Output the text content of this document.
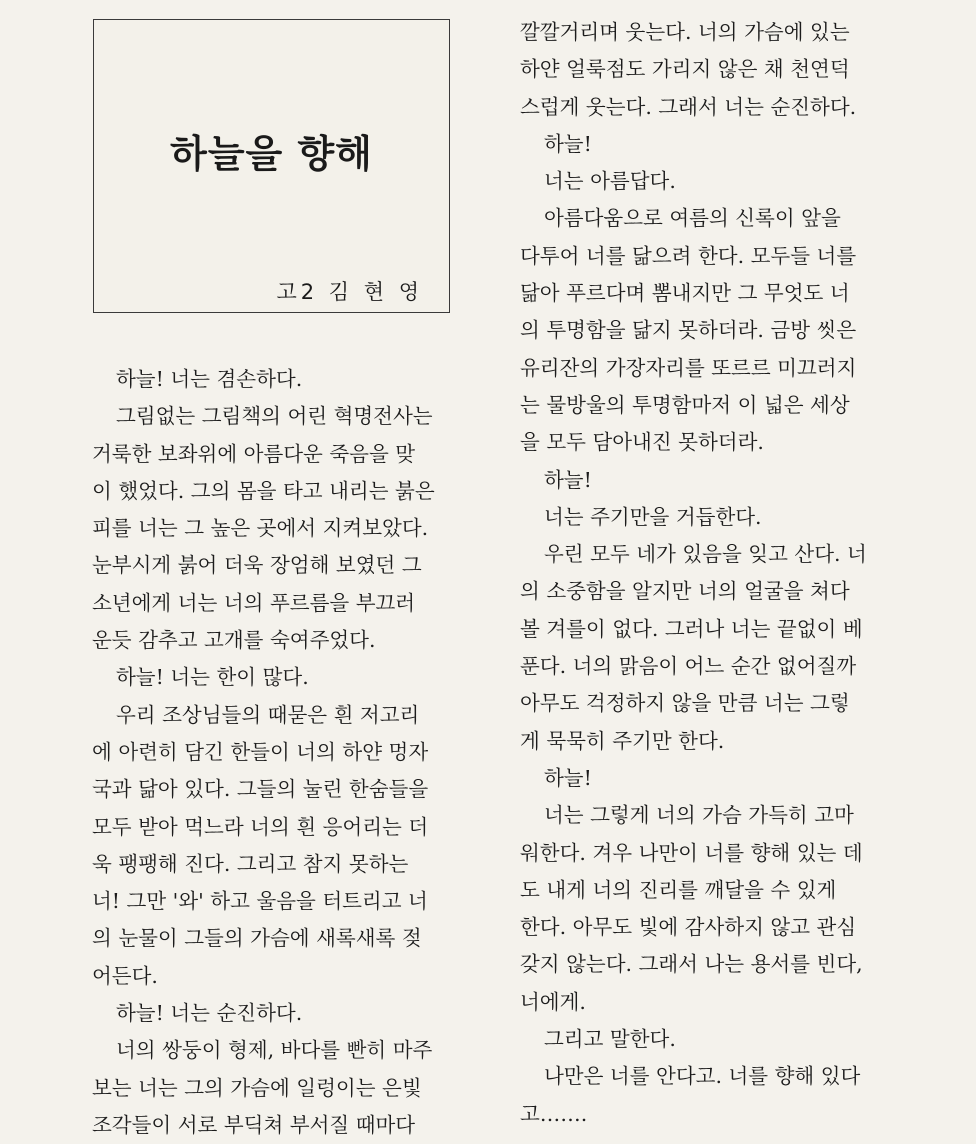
하늘을 향해
고2 김 현 영
하늘! 너는 겸손하다.
그림없는 그림책의 어린 혁명전사는
거룩한 보좌위에 아름다운 죽음을 맞
이 했었다. 그의 몸을 타고 내리는 붉은
피를 너는 그 높은 곳에서 지켜보았다.
눈부시게 붉어 더욱 장엄해 보였던 그
소년에게 너는 너의 푸르름을 부끄러
운듯 감추고 고개를 숙여주었다.
하늘! 너는 한이 많다.
우리 조상님들의 때묻은 흰 저고리
에 아련히 담긴 한들이 너의 하얀 멍자
국과 닮아 있다. 그들의 눌린 한숨들을
모두 받아 먹느라 너의 흰 응어리는 더
욱 팽팽해 진다. 그리고 참지 못하는
너! 그만 '와' 하고 울음을 터트리고 너
의 눈물이 그들의 가슴에 새록새록 젖
어든다.
하늘! 너는 순진하다.
너의 쌍둥이 형제, 바다를 빤히 마주
보는 너는 그의 가슴에 일렁이는 은빛
조각들이 서로 부딕쳐 부서질 때마다
깔깔거리며 웃는다. 너의 가슴에 있는
하얀 얼룩점도 가리지 않은 채 천연덕
스럽게 웃는다. 그래서 너는 순진하다.
하늘!
너는 아름답다.
아름다움으로 여름의 신록이 앞을
다투어 너를 닮으려 한다. 모두들 너를
닮아 푸르다며 뽐내지만 그 무엇도 너
의 투명함을 닮지 못하더라. 금방 씻은
유리잔의 가장자리를 또르르 미끄러지
는 물방울의 투명함마저 이 넓은 세상
을 모두 담아내진 못하더라.
하늘!
너는 주기만을 거듭한다.
우린 모두 네가 있음을 잊고 산다. 너
의 소중함을 알지만 너의 얼굴을 쳐다
볼 겨를이 없다. 그러나 너는 끝없이 베
푼다. 너의 맑음이 어느 순간 없어질까
아무도 걱정하지 않을 만큼 너는 그렇
게 묵묵히 주기만 한다.
하늘!
너는 그렇게 너의 가슴 가득히 고마
워한다. 겨우 나만이 너를 향해 있는 데
도 내게 너의 진리를 깨달을 수 있게
한다. 아무도 빛에 감사하지 않고 관심
갖지 않는다. 그래서 나는 용서를 빈다,
너에게.
그리고 말한다.
나만은 너를 안다고. 너를 향해 있다
고…….
